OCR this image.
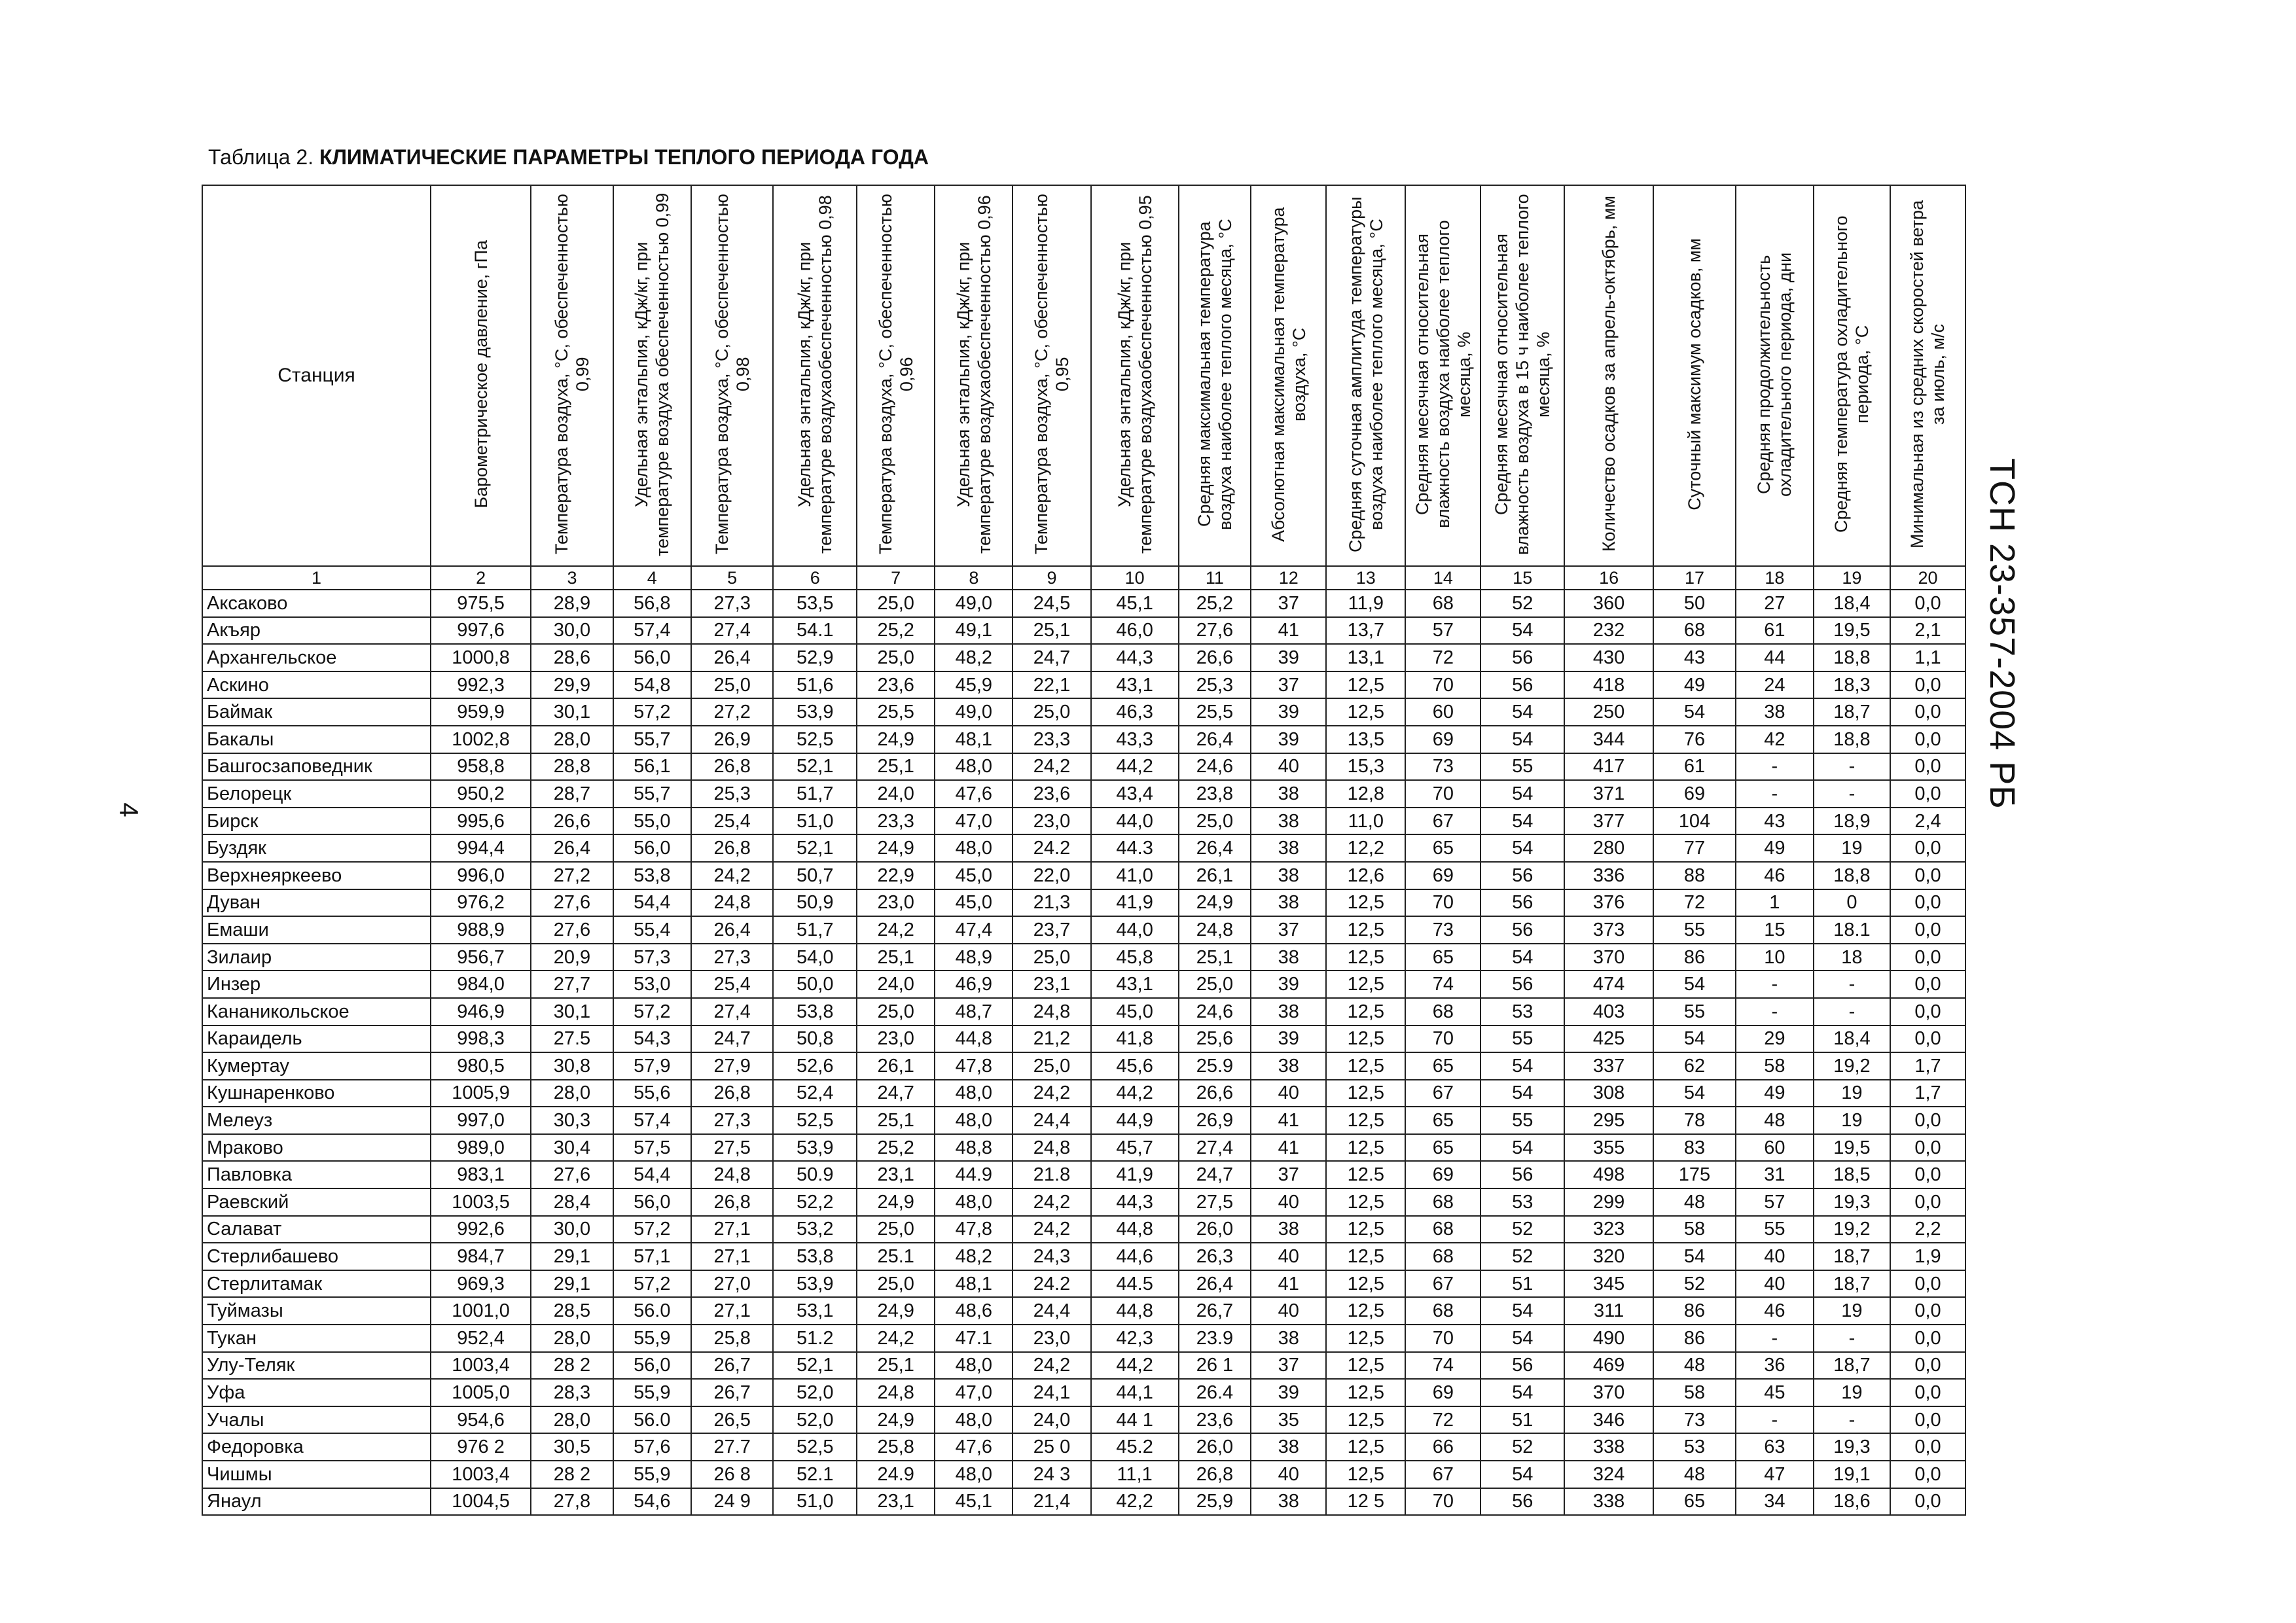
Таблица 2. КЛИМАТИЧЕСКИЕ ПАРАМЕТРЫ ТЕПЛОГО ПЕРИОДА ГОДА
4
ТСН 23-357-2004 РБ
Станция	Барометрическое давление, гПа	Температура воздуха, °С, обеспеченностью 0,99	Удельная энтальпия, кДж/кг, при температуре воздуха обеспеченностью 0,99	Температура воздуха, °С, обеспеченностью 0,98	Удельная энтальпия, кДж/кг, при температуре воздухаобеспеченностью 0,98	Температура воздуха, °С, обеспеченностью 0,96	Удельная энтальпия, кДж/кг, при температуре воздухаобеспеченностью 0,96	Температура воздуха, °С, обеспеченностью 0,95	Удельная энтальпия, кДж/кг, при температуре воздухаобеспеченностью 0,95	Средняя максимальная температура воздуха наиболее теплого месяца, °С	Абсолютная максимальная температура воздуха, °С	Средняя суточная амплитуда температуры воздуха наиболее теплого месяца, °С	Средняя месячная относительная влажность воздуха наиболее теплого месяца, %	Средняя месячная относительная влажность воздуха в 15 ч наиболее теплого месяца, %	Количество осадков за апрель-октябрь, мм	Суточный максимум осадков, мм	Средняя продолжительность охладительного периода, дни	Средняя температура охладительного периода, °С	Минимальная из средних скоростей ветра за июль, м/с
1	2	3	4	5	6	7	8	9	10	11	12	13	14	15	16	17	18	19	20
Аксаково	975,5	28,9	56,8	27,3	53,5	25,0	49,0	24,5	45,1	25,2	37	11,9	68	52	360	50	27	18,4	0,0
Акъяр	997,6	30,0	57,4	27,4	54.1	25,2	49,1	25,1	46,0	27,6	41	13,7	57	54	232	68	61	19,5	2,1
Архангельское	1000,8	28,6	56,0	26,4	52,9	25,0	48,2	24,7	44,3	26,6	39	13,1	72	56	430	43	44	18,8	1,1
Аскино	992,3	29,9	54,8	25,0	51,6	23,6	45,9	22,1	43,1	25,3	37	12,5	70	56	418	49	24	18,3	0,0
Баймак	959,9	30,1	57,2	27,2	53,9	25,5	49,0	25,0	46,3	25,5	39	12,5	60	54	250	54	38	18,7	0,0
Бакалы	1002,8	28,0	55,7	26,9	52,5	24,9	48,1	23,3	43,3	26,4	39	13,5	69	54	344	76	42	18,8	0,0
Башгосзаповедник	958,8	28,8	56,1	26,8	52,1	25,1	48,0	24,2	44,2	24,6	40	15,3	73	55	417	61	-	-	0,0
Белорецк	950,2	28,7	55,7	25,3	51,7	24,0	47,6	23,6	43,4	23,8	38	12,8	70	54	371	69	-	-	0,0
Бирск	995,6	26,6	55,0	25,4	51,0	23,3	47,0	23,0	44,0	25,0	38	11,0	67	54	377	104	43	18,9	2,4
Буздяк	994,4	26,4	56,0	26,8	52,1	24,9	48,0	24.2	44.3	26,4	38	12,2	65	54	280	77	49	19	0,0
Верхнеяркеево	996,0	27,2	53,8	24,2	50,7	22,9	45,0	22,0	41,0	26,1	38	12,6	69	56	336	88	46	18,8	0,0
Дуван	976,2	27,6	54,4	24,8	50,9	23,0	45,0	21,3	41,9	24,9	38	12,5	70	56	376	72	1	0	0,0
Емаши	988,9	27,6	55,4	26,4	51,7	24,2	47,4	23,7	44,0	24,8	37	12,5	73	56	373	55	15	18.1	0,0
Зилаир	956,7	20,9	57,3	27,3	54,0	25,1	48,9	25,0	45,8	25,1	38	12,5	65	54	370	86	10	18	0,0
Инзер	984,0	27,7	53,0	25,4	50,0	24,0	46,9	23,1	43,1	25,0	39	12,5	74	56	474	54	-	-	0,0
Кананикольское	946,9	30,1	57,2	27,4	53,8	25,0	48,7	24,8	45,0	24,6	38	12,5	68	53	403	55	-	-	0,0
Караидель	998,3	27.5	54,3	24,7	50,8	23,0	44,8	21,2	41,8	25,6	39	12,5	70	55	425	54	29	18,4	0,0
Кумертау	980,5	30,8	57,9	27,9	52,6	26,1	47,8	25,0	45,6	25.9	38	12,5	65	54	337	62	58	19,2	1,7
Кушнаренково	1005,9	28,0	55,6	26,8	52,4	24,7	48,0	24,2	44,2	26,6	40	12,5	67	54	308	54	49	19	1,7
Мелеуз	997,0	30,3	57,4	27,3	52,5	25,1	48,0	24,4	44,9	26,9	41	12,5	65	55	295	78	48	19	0,0
Мраково	989,0	30,4	57,5	27,5	53,9	25,2	48,8	24,8	45,7	27,4	41	12,5	65	54	355	83	60	19,5	0,0
Павловка	983,1	27,6	54,4	24,8	50.9	23,1	44.9	21.8	41,9	24,7	37	12.5	69	56	498	175	31	18,5	0,0
Раевский	1003,5	28,4	56,0	26,8	52,2	24,9	48,0	24,2	44,3	27,5	40	12,5	68	53	299	48	57	19,3	0,0
Салават	992,6	30,0	57,2	27,1	53,2	25,0	47,8	24,2	44,8	26,0	38	12,5	68	52	323	58	55	19,2	2,2
Стерлибашево	984,7	29,1	57,1	27,1	53,8	25.1	48,2	24,3	44,6	26,3	40	12,5	68	52	320	54	40	18,7	1,9
Стерлитамак	969,3	29,1	57,2	27,0	53,9	25,0	48,1	24.2	44.5	26,4	41	12,5	67	51	345	52	40	18,7	0,0
Туймазы	1001,0	28,5	56.0	27,1	53,1	24,9	48,6	24,4	44,8	26,7	40	12,5	68	54	311	86	46	19	0,0
Тукан	952,4	28,0	55,9	25,8	51.2	24,2	47.1	23,0	42,3	23.9	38	12,5	70	54	490	86	-	-	0,0
Улу-Теляк	1003,4	28 2	56,0	26,7	52,1	25,1	48,0	24,2	44,2	26 1	37	12,5	74	56	469	48	36	18,7	0,0
Уфа	1005,0	28,3	55,9	26,7	52,0	24,8	47,0	24,1	44,1	26.4	39	12,5	69	54	370	58	45	19	0,0
Учалы	954,6	28,0	56.0	26,5	52,0	24,9	48,0	24,0	44 1	23,6	35	12,5	72	51	346	73	-	-	0,0
Федоровка	976 2	30,5	57,6	27.7	52,5	25,8	47,6	25 0	45.2	26,0	38	12,5	66	52	338	53	63	19,3	0,0
Чишмы	1003,4	28 2	55,9	26 8	52.1	24.9	48,0	24 3	11,1	26,8	40	12,5	67	54	324	48	47	19,1	0,0
Янаул	1004,5	27,8	54,6	24 9	51,0	23,1	45,1	21,4	42,2	25,9	38	12 5	70	56	338	65	34	18,6	0,0
